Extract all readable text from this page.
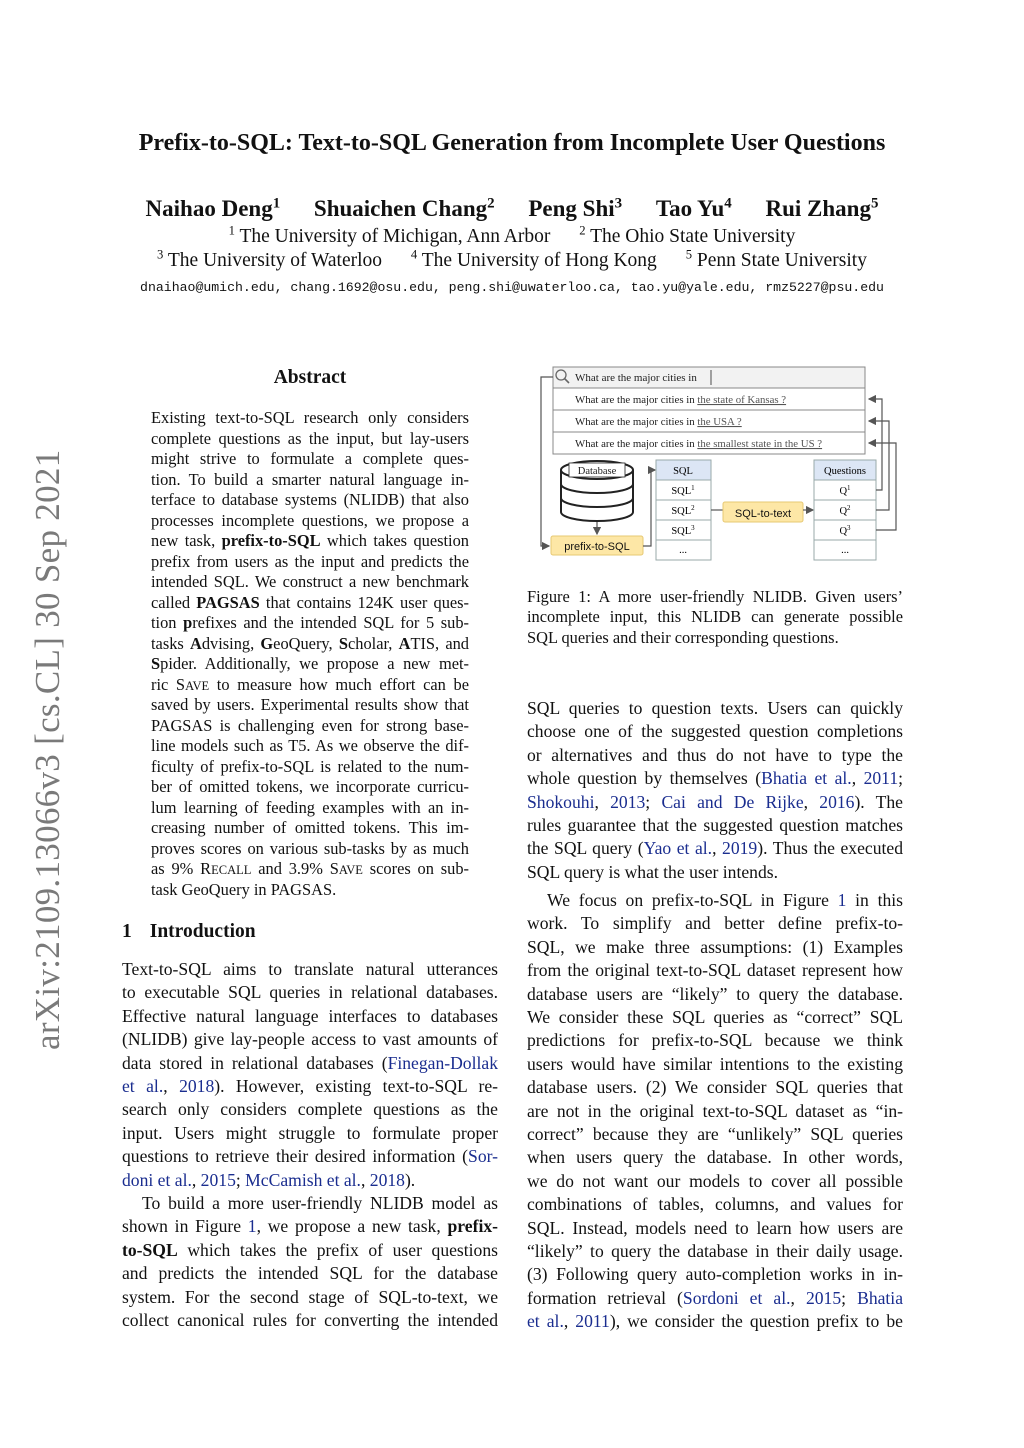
Prefix-to-SQL: Text-to-SQL Generation from Incomplete User Questions
Naihao Deng$^1$ Shuaichen Chang$^2$ Peng Shi$^3$ Tao Yu$^4$ Rui Zhang$^5$
$^1$ The University of Michigan, Ann Arbor $^2$ The Ohio State University
$^3$ The University of Waterloo $^4$ The University of Hong Kong $^5$ Penn State University
dnaihao@umich.edu, chang.1692@osu.edu, peng.shi@uwaterloo.ca, tao.yu@yale.edu, rmz5227@psu.edu
arXiv:2109.13066v3 [cs.CL] 30 Sep 2021
Abstract
Existing text-to-SQL research only considers
complete questions as the input, but lay-users
might strive to formulate a complete ques-
tion. To build a smarter natural language in-
terface to database systems (NLIDB) that also
processes incomplete questions, we propose a
new task, prefix-to-SQL which takes question
prefix from users as the input and predicts the
intended SQL. We construct a new benchmark
called PAGSAS that contains 124K user ques-
tion prefixes and the intended SQL for 5 sub-
tasks Advising, GeoQuery, Scholar, ATIS, and
Spider. Additionally, we propose a new met-
ric SAVE to measure how much effort can be
saved by users. Experimental results show that
PAGSAS is challenging even for strong base-
line models such as T5. As we observe the dif-
ficulty of prefix-to-SQL is related to the num-
ber of omitted tokens, we incorporate curricu-
lum learning of feeding examples with an in-
creasing number of omitted tokens. This im-
proves scores on various sub-tasks by as much
as 9% RECALL and 3.9% SAVE scores on sub-
task GeoQuery in PAGSAS.
1 Introduction
Text-to-SQL aims to translate natural utterances
to executable SQL queries in relational databases.
Effective natural language interfaces to databases
(NLIDB) give lay-people access to vast amounts of
data stored in relational databases (Finegan-Dollak
et al., 2018). However, existing text-to-SQL re-
search only considers complete questions as the
input. Users might struggle to formulate proper
questions to retrieve their desired information (Sor-
doni et al., 2015; McCamish et al., 2018).
To build a more user-friendly NLIDB model as
shown in Figure 1, we propose a new task, prefix-
to-SQL which takes the prefix of user questions
and predicts the intended SQL for the database
system. For the second stage of SQL-to-text, we
collect canonical rules for converting the intended
What are the major cities in
What are the major cities in the state of Kansas ?
What are the major cities in the USA ?
What are the major cities in the smallest state in the US ?
Database
prefix-to-SQL
SQL
SQL$^1$
SQL$^2$
SQL$^3$
...
SQL-to-text
Questions
$Q^1$
$Q^2$
$Q^3$
...
Figure 1: A more user-friendly NLIDB. Given users’
incomplete input, this NLIDB can generate possible
SQL queries and their corresponding questions.
SQL queries to question texts. Users can quickly
choose one of the suggested question completions
or alternatives and thus do not have to type the
whole question by themselves (Bhatia et al., 2011;
Shokouhi, 2013; Cai and De Rijke, 2016). The
rules guarantee that the suggested question matches
the SQL query (Yao et al., 2019). Thus the executed
SQL query is what the user intends.
We focus on prefix-to-SQL in Figure 1 in this
work. To simplify and better define prefix-to-
SQL, we make three assumptions: (1) Examples
from the original text-to-SQL dataset represent how
database users are “likely” to query the database.
We consider these SQL queries as “correct” SQL
predictions for prefix-to-SQL because we think
users would have similar intentions to the existing
database users. (2) We consider SQL queries that
are not in the original text-to-SQL dataset as “in-
correct” because they are “unlikely” SQL queries
when users query the database. In other words,
we do not want our models to cover all possible
combinations of tables, columns, and values for
SQL. Instead, models need to learn how users are
“likely” to query the database in their daily usage.
(3) Following query auto-completion works in in-
formation retrieval (Sordoni et al., 2015; Bhatia
et al., 2011), we consider the question prefix to be
